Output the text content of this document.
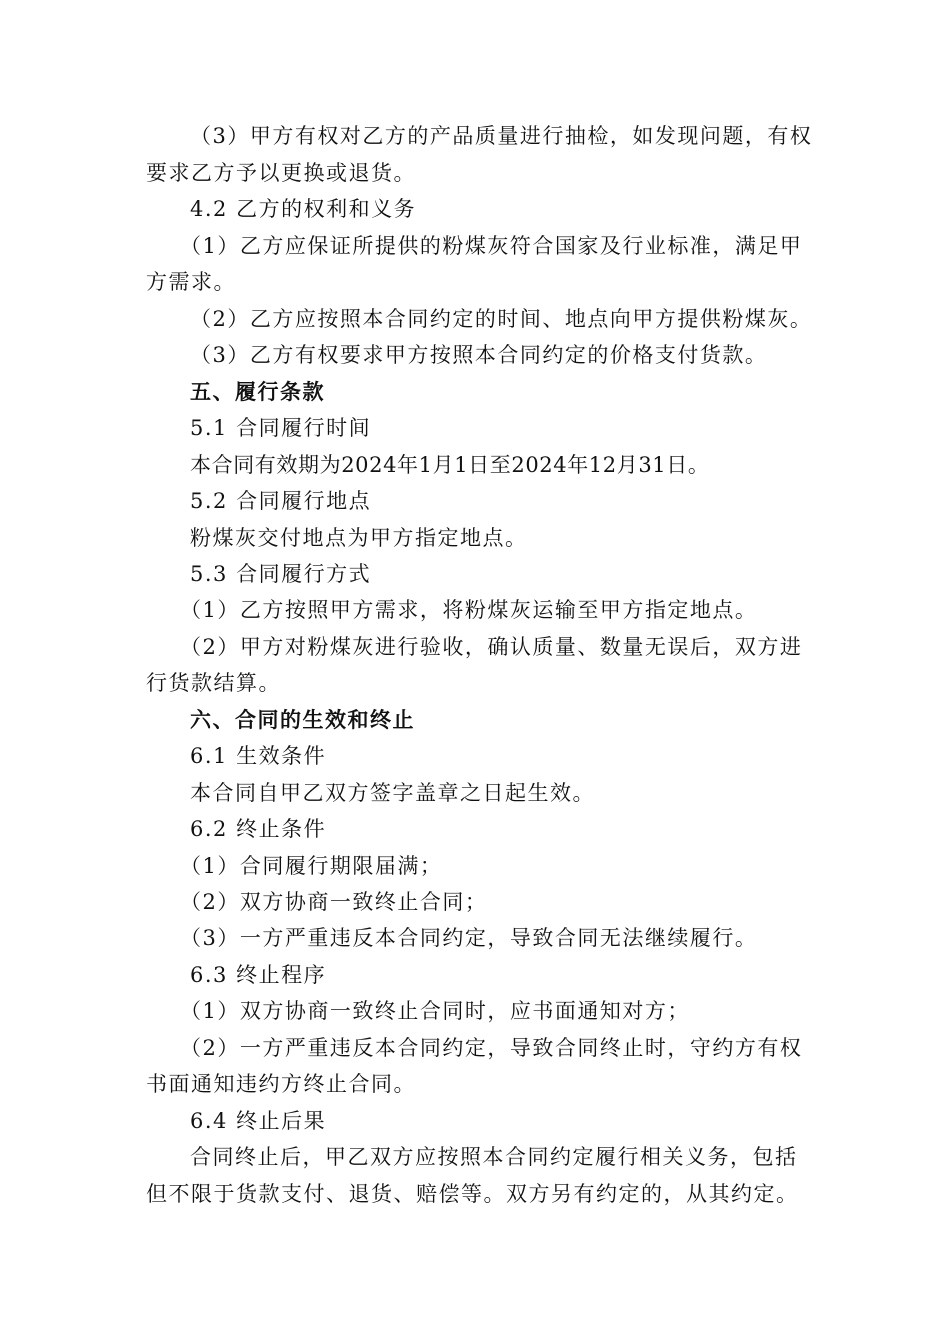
（3）甲方有权对乙方的产品质量进行抽检，如发现问题，有权
要求乙方予以更换或退货。
4.2 乙方的权利和义务
（1）乙方应保证所提供的粉煤灰符合国家及行业标准，满足甲
方需求。
（2）乙方应按照本合同约定的时间、地点向甲方提供粉煤灰。
（3）乙方有权要求甲方按照本合同约定的价格支付货款。
五、履行条款
5.1 合同履行时间
本合同有效期为2024年1月1日至2024年12月31日。
5.2 合同履行地点
粉煤灰交付地点为甲方指定地点。
5.3 合同履行方式
（1）乙方按照甲方需求，将粉煤灰运输至甲方指定地点。
（2）甲方对粉煤灰进行验收，确认质量、数量无误后，双方进
行货款结算。
六、合同的生效和终止
6.1 生效条件
本合同自甲乙双方签字盖章之日起生效。
6.2 终止条件
（1）合同履行期限届满；
（2）双方协商一致终止合同；
（3）一方严重违反本合同约定，导致合同无法继续履行。
6.3 终止程序
（1）双方协商一致终止合同时，应书面通知对方；
（2）一方严重违反本合同约定，导致合同终止时，守约方有权
书面通知违约方终止合同。
6.4 终止后果
合同终止后，甲乙双方应按照本合同约定履行相关义务，包括
但不限于货款支付、退货、赔偿等。双方另有约定的，从其约定。
